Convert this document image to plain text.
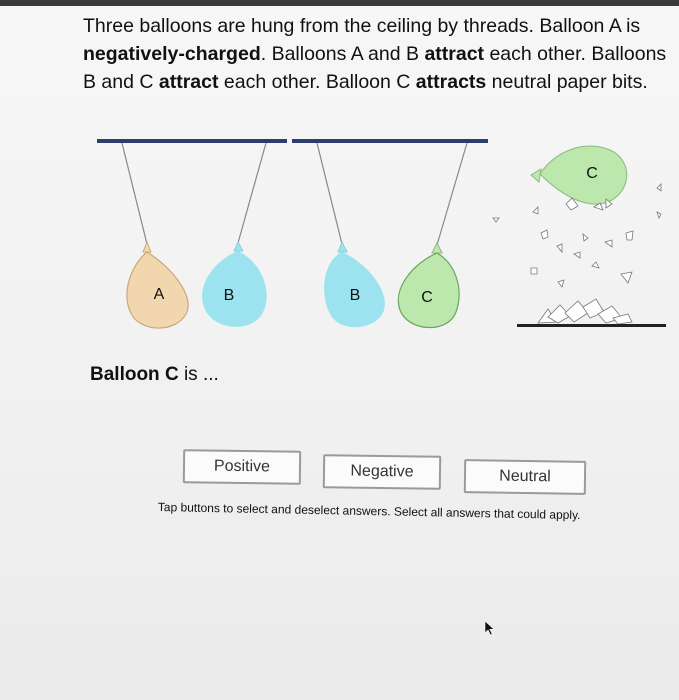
Three balloons are hung from the ceiling by threads. Balloon A is negatively-charged. Balloons A and B attract each other. Balloons B and C attract each other. Balloon C attracts neutral paper bits.
A	B	B	C
C
Balloon C is ...
Positive	Negative	Neutral
Tap buttons to select and deselect answers. Select all answers that could apply.
